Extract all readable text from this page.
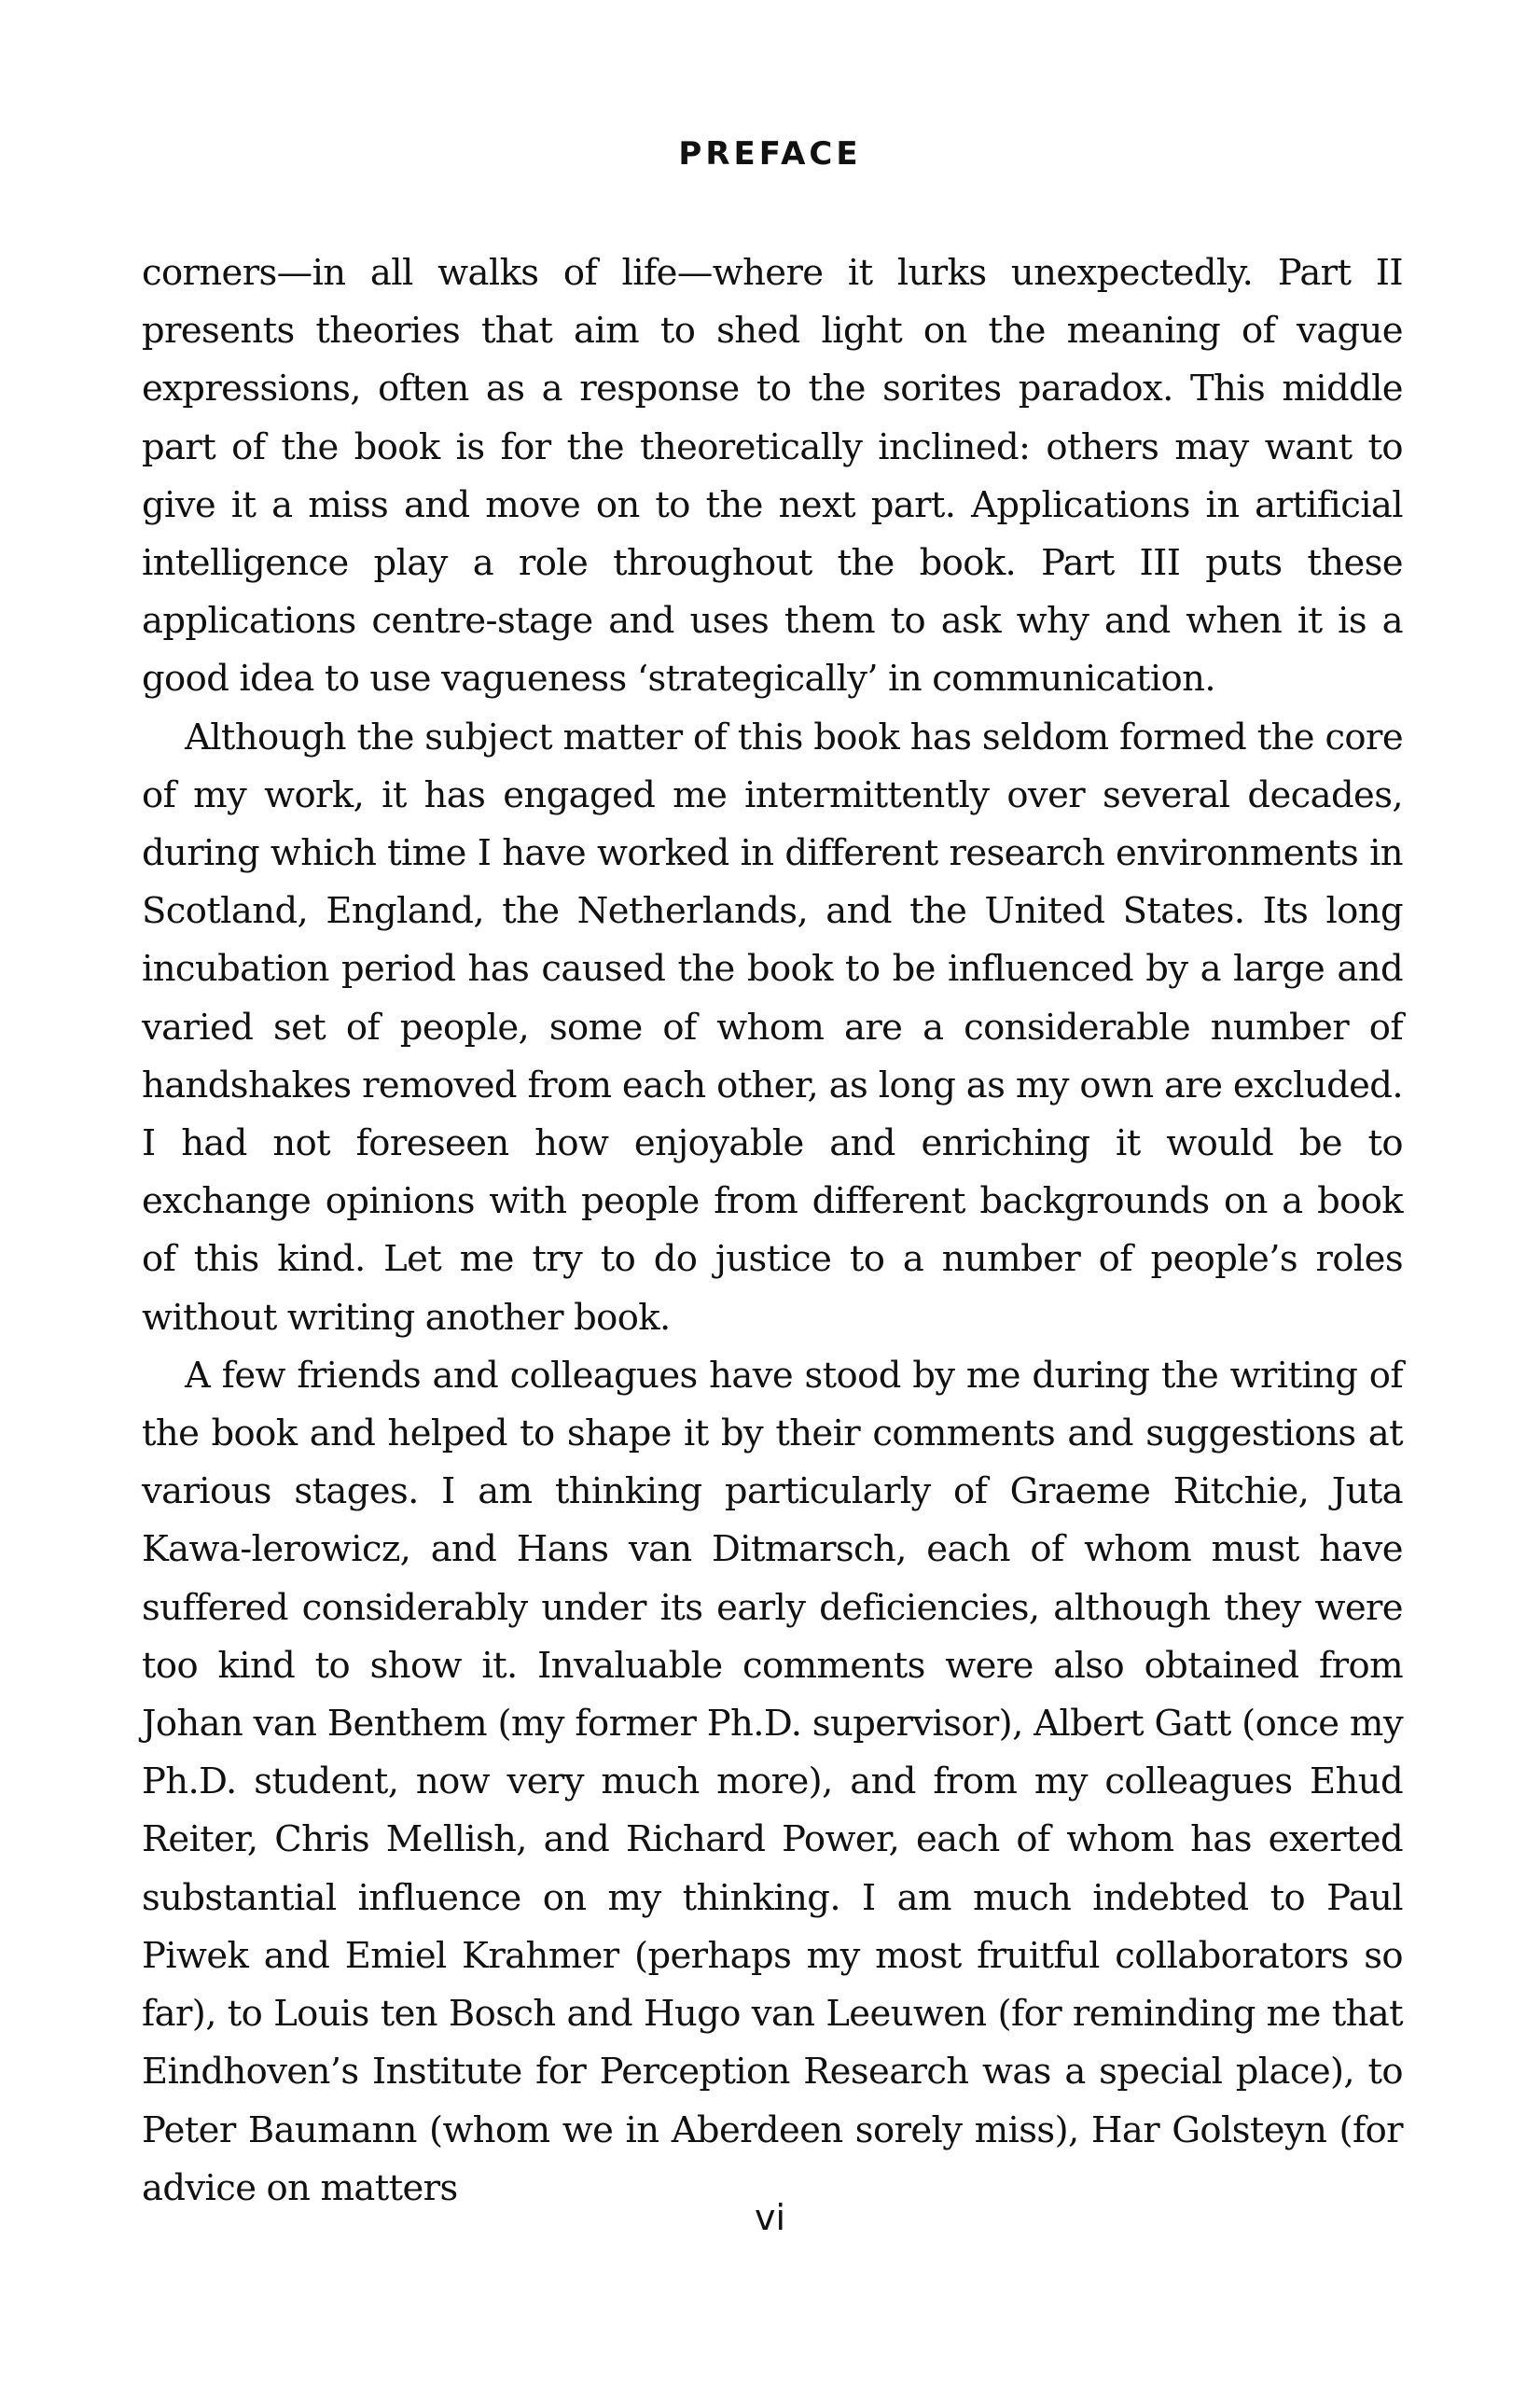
PREFACE

corners—in all walks of life—where it lurks unexpectedly. Part II presents theories that aim to shed light on the meaning of vague expressions, often as a response to the sorites paradox. This middle part of the book is for the theoretically inclined: others may want to give it a miss and move on to the next part. Applications in artificial intelligence play a role throughout the book. Part III puts these applications centre-stage and uses them to ask why and when it is a good idea to use vagueness ‘strategically’ in communication.

Although the subject matter of this book has seldom formed the core of my work, it has engaged me intermittently over several decades, during which time I have worked in different research environments in Scotland, England, the Netherlands, and the United States. Its long incubation period has caused the book to be influenced by a large and varied set of people, some of whom are a considerable number of handshakes removed from each other, as long as my own are excluded. I had not foreseen how enjoyable and enriching it would be to exchange opinions with people from different backgrounds on a book of this kind. Let me try to do justice to a number of people’s roles without writing another book.

A few friends and colleagues have stood by me during the writing of the book and helped to shape it by their comments and suggestions at various stages. I am thinking particularly of Graeme Ritchie, Juta Kawa-lerowicz, and Hans van Ditmarsch, each of whom must have suffered considerably under its early deficiencies, although they were too kind to show it. Invaluable comments were also obtained from Johan van Benthem (my former Ph.D. supervisor), Albert Gatt (once my Ph.D. student, now very much more), and from my colleagues Ehud Reiter, Chris Mellish, and Richard Power, each of whom has exerted substantial influence on my thinking. I am much indebted to Paul Piwek and Emiel Krahmer (perhaps my most fruitful collaborators so far), to Louis ten Bosch and Hugo van Leeuwen (for reminding me that Eindhoven’s Institute for Perception Research was a special place), to Peter Baumann (whom we in Aberdeen sorely miss), Har Golsteyn (for advice on matters

vi
